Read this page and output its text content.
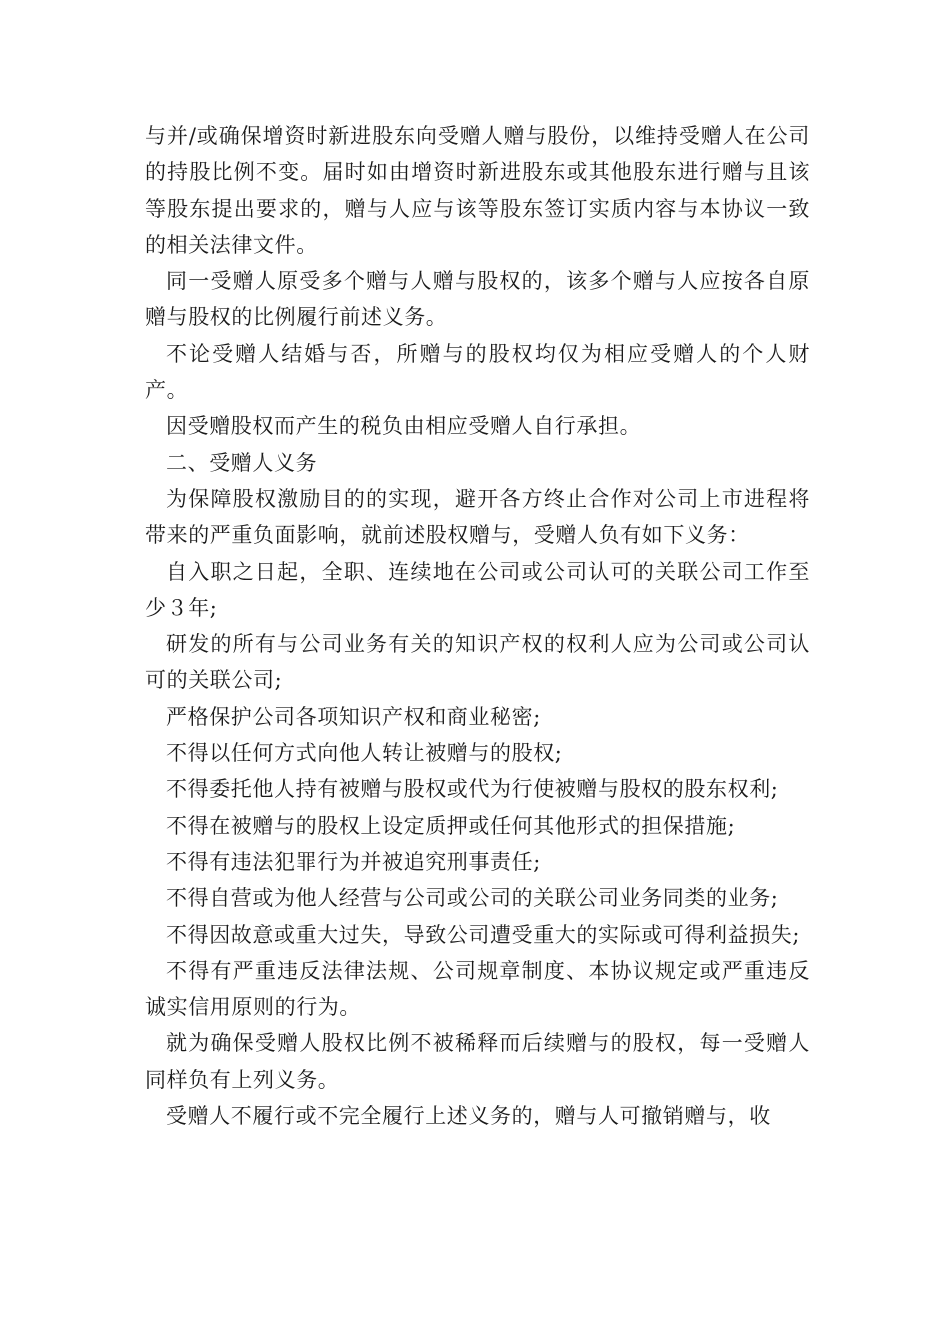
与并/或确保增资时新进股东向受赠人赠与股份，以维持受赠人在公司的持股比例不变。届时如由增资时新进股东或其他股东进行赠与且该等股东提出要求的，赠与人应与该等股东签订实质内容与本协议一致的相关法律文件。

同一受赠人原受多个赠与人赠与股权的，该多个赠与人应按各自原赠与股权的比例履行前述义务。

不论受赠人结婚与否，所赠与的股权均仅为相应受赠人的个人财产。

因受赠股权而产生的税负由相应受赠人自行承担。

二、受赠人义务

为保障股权激励目的的实现，避开各方终止合作对公司上市进程将带来的严重负面影响，就前述股权赠与，受赠人负有如下义务：

自入职之日起，全职、连续地在公司或公司认可的关联公司工作至少３年;

研发的所有与公司业务有关的知识产权的权利人应为公司或公司认可的关联公司;

严格保护公司各项知识产权和商业秘密;

不得以任何方式向他人转让被赠与的股权;

不得委托他人持有被赠与股权或代为行使被赠与股权的股东权利;

不得在被赠与的股权上设定质押或任何其他形式的担保措施;

不得有违法犯罪行为并被追究刑事责任;

不得自营或为他人经营与公司或公司的关联公司业务同类的业务;

不得因故意或重大过失，导致公司遭受重大的实际或可得利益损失;

不得有严重违反法律法规、公司规章制度、本协议规定或严重违反诚实信用原则的行为。

就为确保受赠人股权比例不被稀释而后续赠与的股权，每一受赠人同样负有上列义务。

受赠人不履行或不完全履行上述义务的，赠与人可撤销赠与，收
